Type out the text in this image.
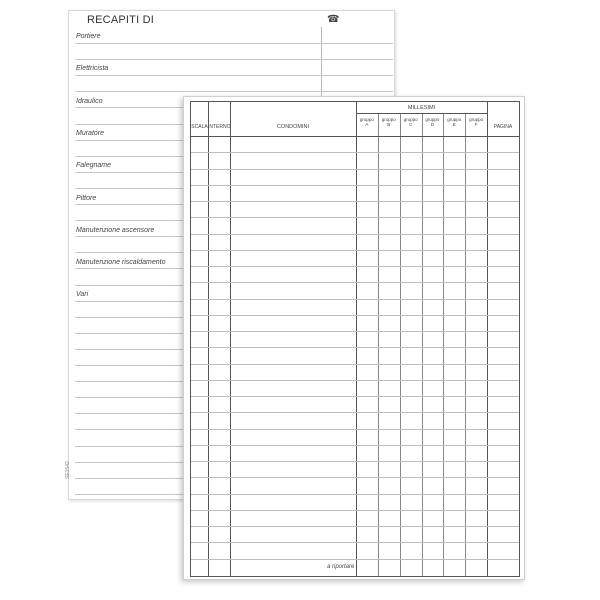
RECAPITI DI	☎
Portiere
Elettricista
Idraulico
Muratore
Falegname
Pittore
Manutenzione ascensore
Manutenzione riscaldamento
Vari
SE1542
SCALA INTERNO	CONDOMINI
MILLESIMI
PAGINA
gruppo
A
gruppo
B
gruppo
C
gruppo
D
gruppo
E
gruppo
F
a riportare
